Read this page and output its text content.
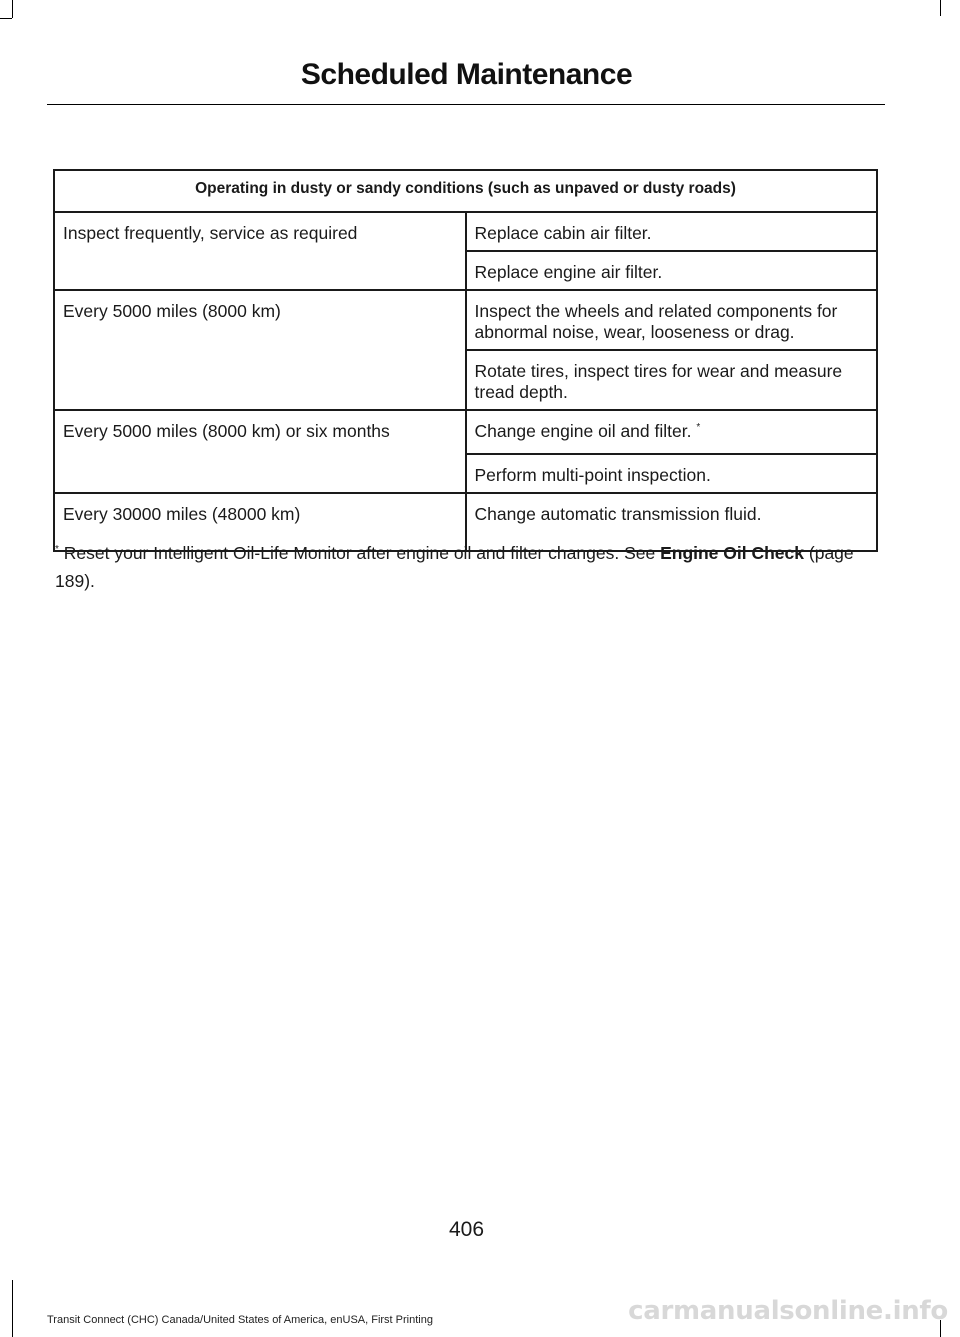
Scheduled Maintenance
Operating in dusty or sandy conditions (such as unpaved or dusty roads)	
Inspect frequently, service as required	Replace cabin air filter.
	Replace engine air filter.
Every 5000 miles (8000 km)	Inspect the wheels and related components for abnormal noise, wear, looseness or drag.
	Rotate tires, inspect tires for wear and measure tread depth.
Every 5000 miles (8000 km) or six months	Change engine oil and filter. *
	Perform multi-point inspection.
Every 30000 miles (48000 km)	Change automatic transmission fluid.
* Reset your Intelligent Oil-Life Monitor after engine oil and filter changes. See Engine Oil Check (page 189).
406
Transit Connect (CHC) Canada/United States of America, enUSA, First Printing	carmanualsonline.info
